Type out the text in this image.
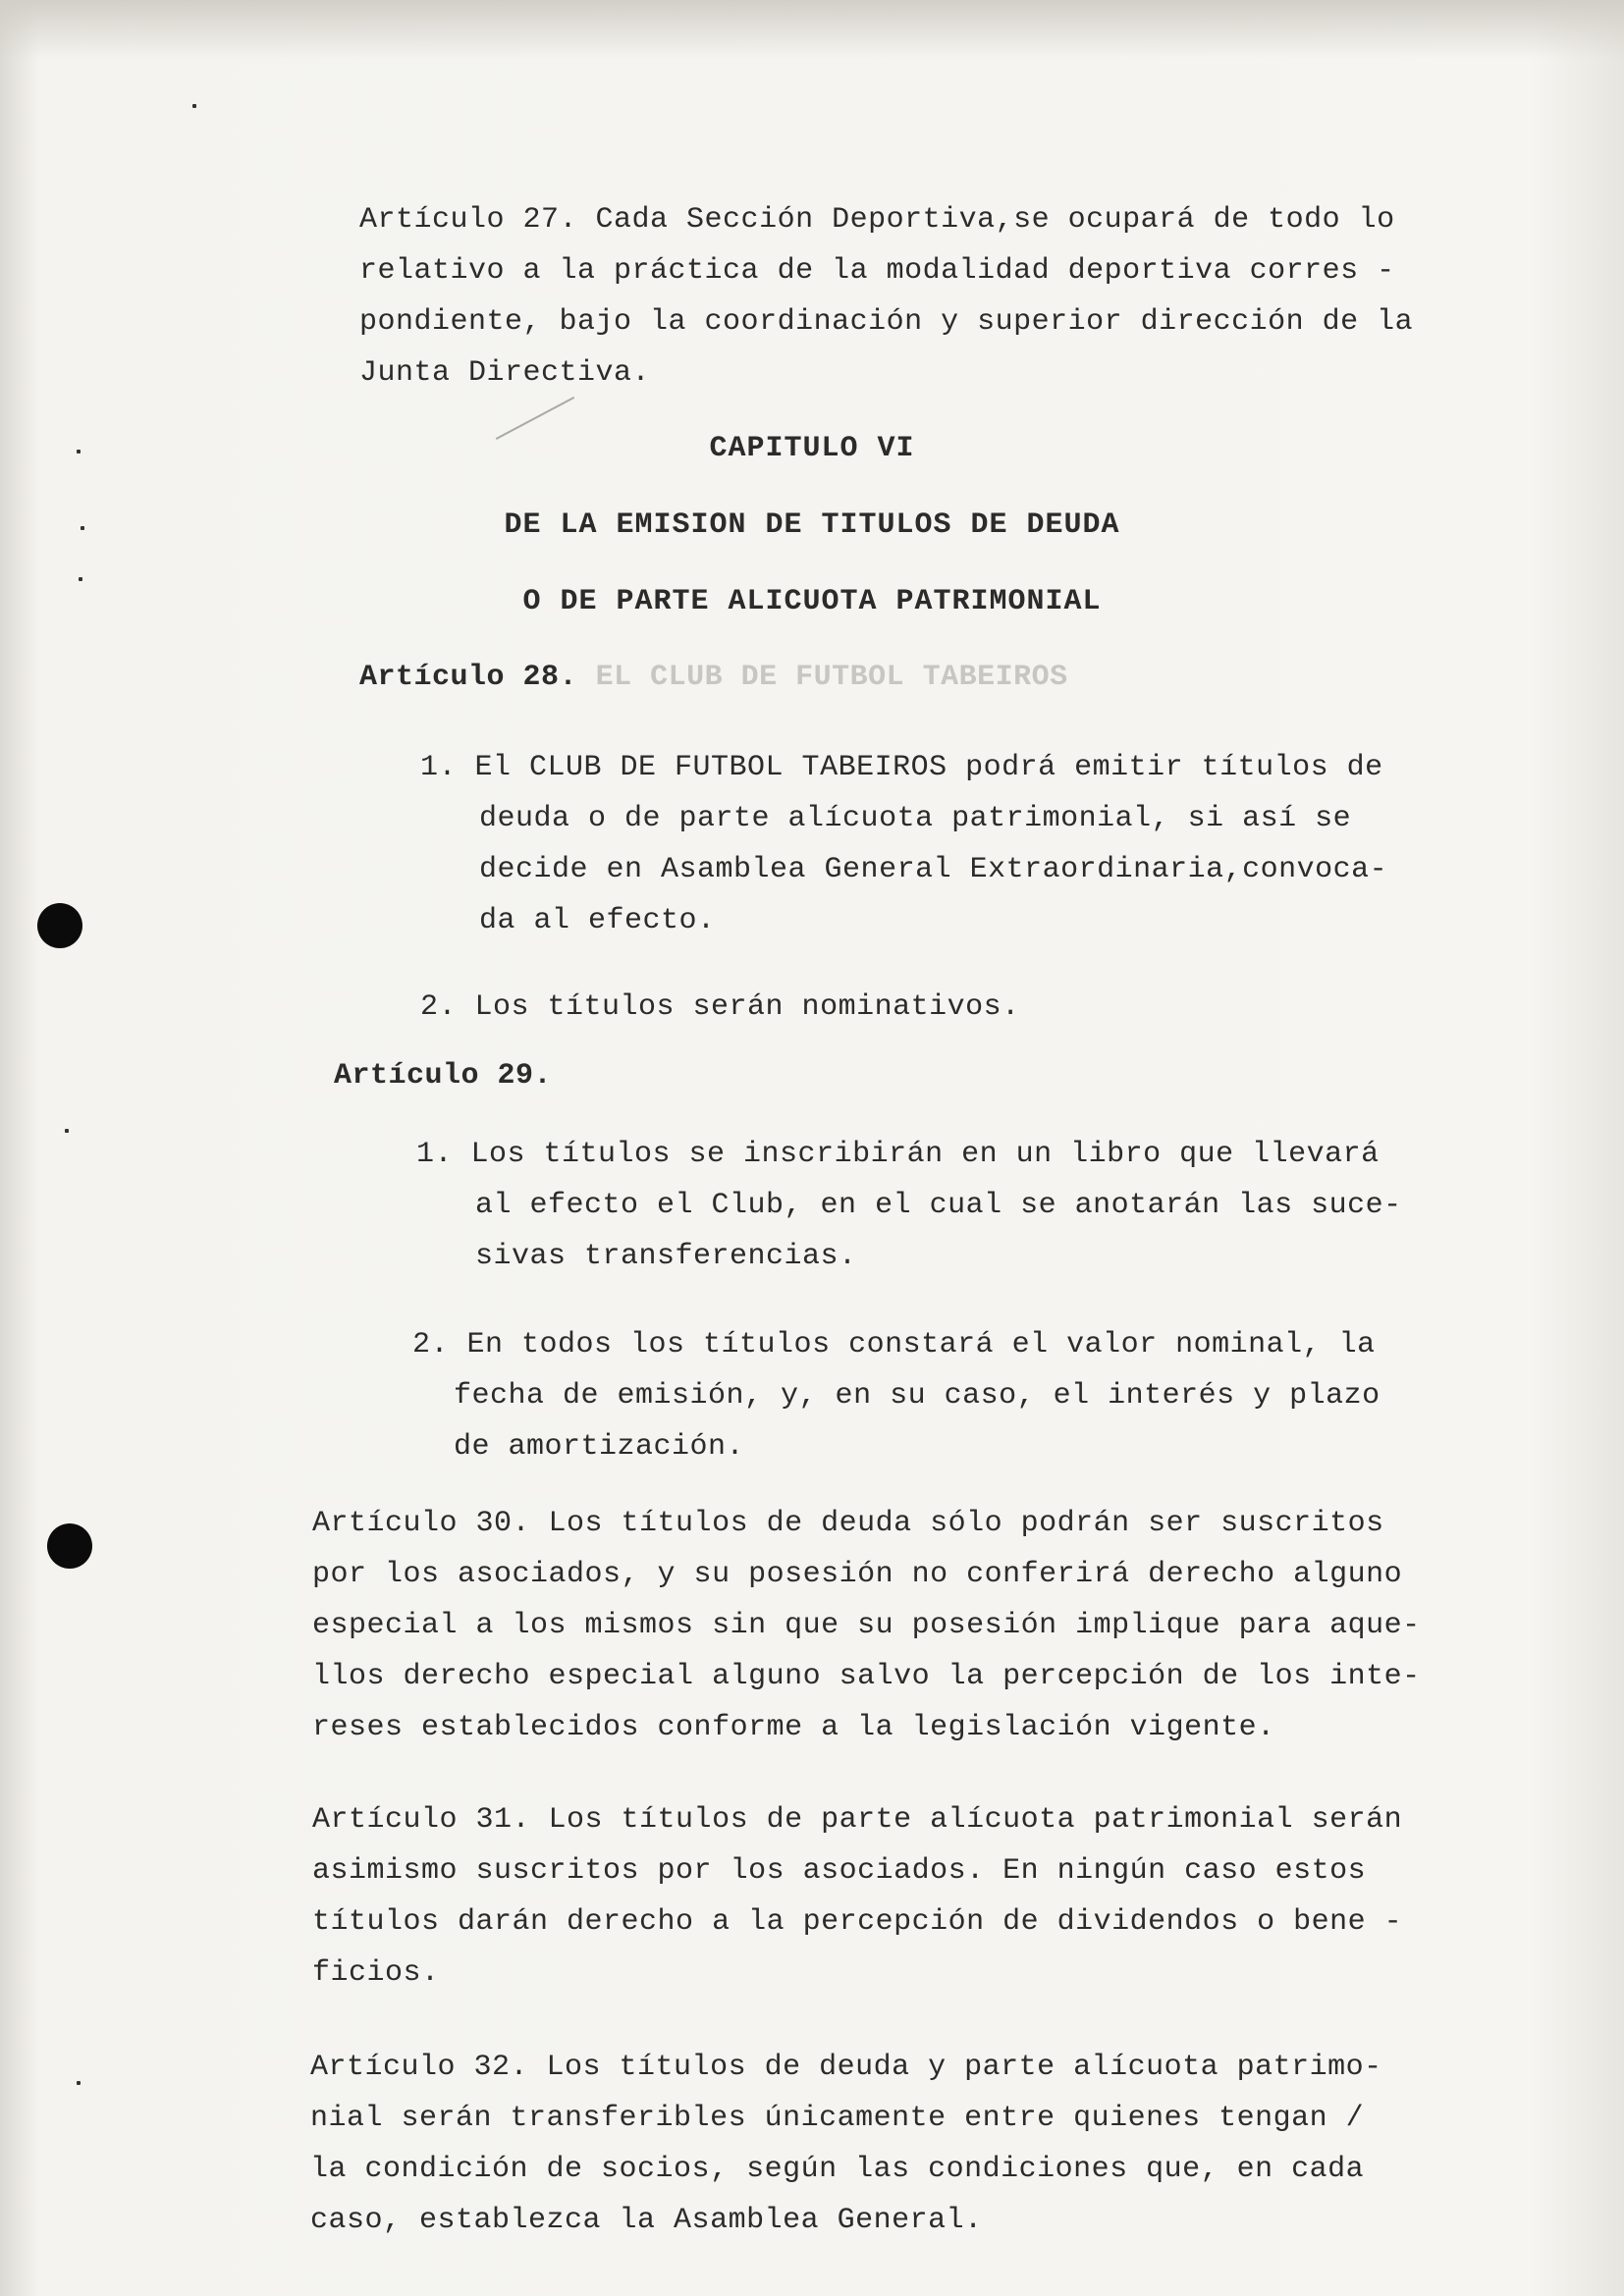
Artículo 27. Cada Sección Deportiva,se ocupará de todo lo
relativo a la práctica de la modalidad deportiva corres -
pondiente, bajo la coordinación y superior dirección de la
Junta Directiva.
CAPITULO VI
DE LA EMISION DE TITULOS DE DEUDA
O DE PARTE ALICUOTA PATRIMONIAL
Artículo 28. EL CLUB DE FUTBOL TABEIROS
1. El CLUB DE FUTBOL TABEIROS podrá emitir títulos de
deuda o de parte alícuota patrimonial, si así se
decide en Asamblea General Extraordinaria,convoca-
da al efecto.
2. Los títulos serán nominativos.
Artículo 29.
1. Los títulos se inscribirán en un libro que llevará
al efecto el Club, en el cual se anotarán las suce-
sivas transferencias.
2. En todos los títulos constará el valor nominal, la
fecha de emisión, y, en su caso, el interés y plazo
de amortización.
Artículo 30. Los títulos de deuda sólo podrán ser suscritos
por los asociados, y su posesión no conferirá derecho alguno
especial a los mismos sin que su posesión implique para aque-
llos derecho especial alguno salvo la percepción de los inte-
reses establecidos conforme a la legislación vigente.
Artículo 31. Los títulos de parte alícuota patrimonial serán
asimismo suscritos por los asociados. En ningún caso estos
títulos darán derecho a la percepción de dividendos o bene -
ficios.
Artículo 32. Los títulos de deuda y parte alícuota patrimo-
nial serán transferibles únicamente entre quienes tengan /
la condición de socios, según las condiciones que, en cada
caso, establezca la Asamblea General.
